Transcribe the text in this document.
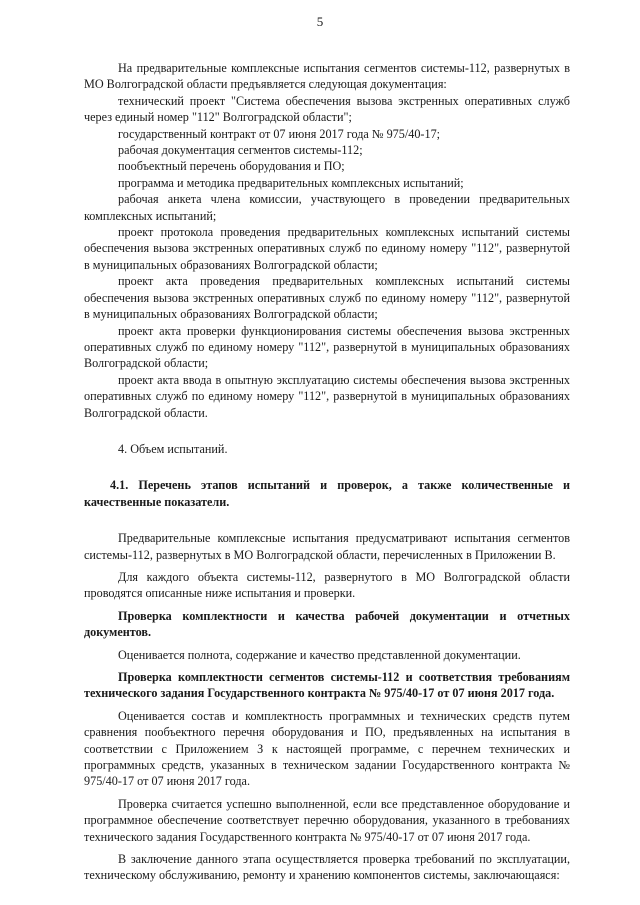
5

На предварительные комплексные испытания сегментов системы-112, развернутых в МО Волгоградской области предъявляется следующая документация:

технический проект "Система обеспечения вызова экстренных оперативных служб через единый номер "112" Волгоградской области";

государственный контракт от 07 июня 2017 года № 975/40-17;

рабочая документация сегментов системы-112;

пообъектный перечень оборудования и ПО;

программа и методика предварительных комплексных испытаний;

рабочая анкета члена комиссии, участвующего в проведении предварительных комплексных испытаний;

проект протокола проведения предварительных комплексных испытаний системы обеспечения вызова экстренных оперативных служб по единому номеру "112", развернутой в муниципальных образованиях Волгоградской области;

проект акта проведения предварительных комплексных испытаний системы обеспечения вызова экстренных оперативных служб по единому номеру "112", развернутой в муниципальных образованиях Волгоградской области;

проект акта проверки функционирования системы обеспечения вызова экстренных оперативных служб по единому номеру "112", развернутой в муниципальных образованиях Волгоградской области;

проект акта ввода в опытную эксплуатацию системы обеспечения вызова экстренных оперативных служб по единому номеру "112", развернутой в муниципальных образованиях Волгоградской области.

4. Объем испытаний.

4.1. Перечень этапов испытаний и проверок, а также количественные и качественные показатели.

Предварительные комплексные испытания предусматривают испытания сегментов системы-112, развернутых в МО Волгоградской области, перечисленных в Приложении В.

Для каждого объекта системы-112, развернутого в МО Волгоградской области проводятся описанные ниже испытания и проверки.

Проверка комплектности и качества рабочей документации и отчетных документов.

Оценивается полнота, содержание и качество представленной документации.

Проверка комплектности сегментов системы-112 и соответствия требованиям технического задания Государственного контракта № 975/40-17 от 07 июня 2017 года.

Оценивается состав и комплектность программных и технических средств путем сравнения пообъектного перечня оборудования и ПО, предъявленных на испытания в соответствии с Приложением З к настоящей программе, с перечнем технических и программных средств, указанных в техническом задании Государственного контракта № 975/40-17 от 07 июня 2017 года.

Проверка считается успешно выполненной, если все представленное оборудование и программное обеспечение соответствует перечню оборудования, указанного в требованиях технического задания Государственного контракта № 975/40-17 от 07 июня 2017 года.

В заключение данного этапа осуществляется проверка требований по эксплуатации, техническому обслуживанию, ремонту и хранению компонентов системы, заключающаяся:
